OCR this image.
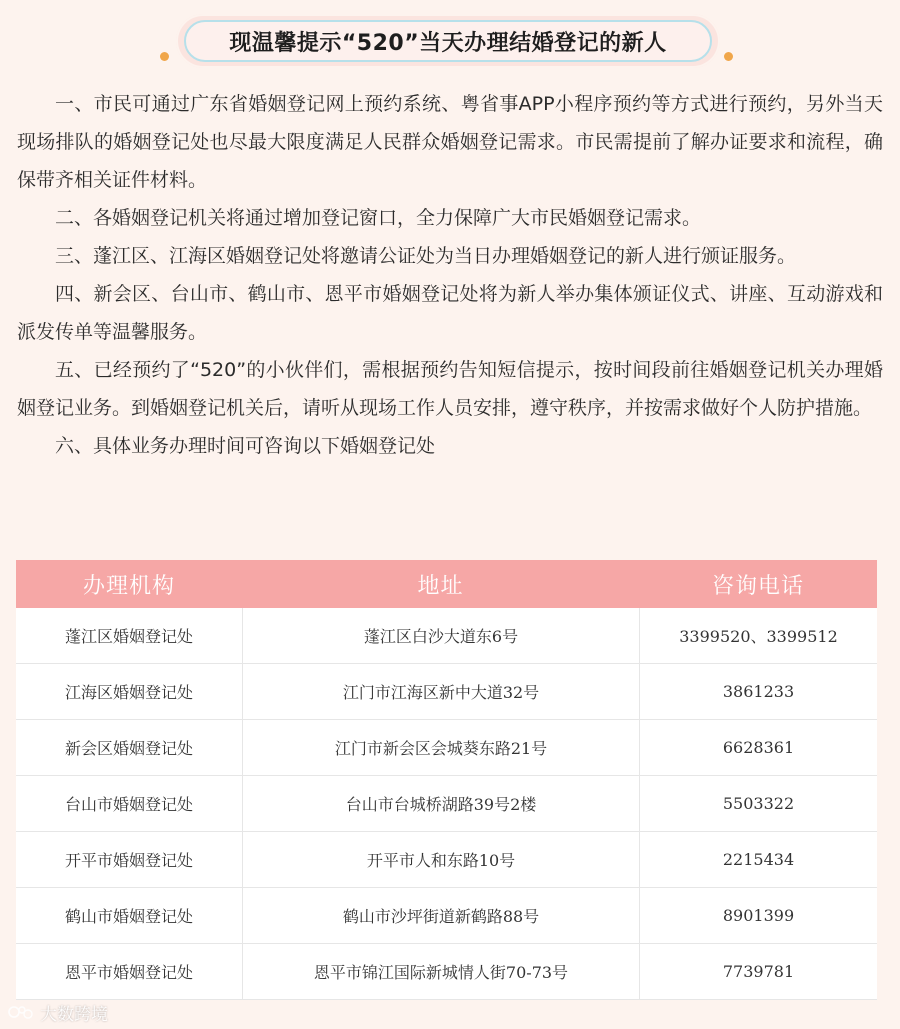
现温馨提示“520”当天办理结婚登记的新人

一、市民可通过广东省婚姻登记网上预约系统、粤省事APP小程序预约等方式进行预约，另外当天现场排队的婚姻登记处也尽最大限度满足人民群众婚姻登记需求。市民需提前了解办证要求和流程，确保带齐相关证件材料。

二、各婚姻登记机关将通过增加登记窗口，全力保障广大市民婚姻登记需求。

三、蓬江区、江海区婚姻登记处将邀请公证处为当日办理婚姻登记的新人进行颁证服务。

四、新会区、台山市、鹤山市、恩平市婚姻登记处将为新人举办集体颁证仪式、讲座、互动游戏和派发传单等温馨服务。

五、已经预约了“520”的小伙伴们，需根据预约告知短信提示，按时间段前往婚姻登记机关办理婚姻登记业务。到婚姻登记机关后，请听从现场工作人员安排，遵守秩序，并按需求做好个人防护措施。

六、具体业务办理时间可咨询以下婚姻登记处

办理机构	地址	咨询电话
蓬江区婚姻登记处	蓬江区白沙大道东6号	3399520、3399512
江海区婚姻登记处	江门市江海区新中大道32号	3861233
新会区婚姻登记处	江门市新会区会城葵东路21号	6628361
台山市婚姻登记处	台山市台城桥湖路39号2楼	5503322
开平市婚姻登记处	开平市人和东路10号	2215434
鹤山市婚姻登记处	鹤山市沙坪街道新鹤路88号	8901399
恩平市婚姻登记处	恩平市锦江国际新城情人街70-73号	7739781
大数跨境
